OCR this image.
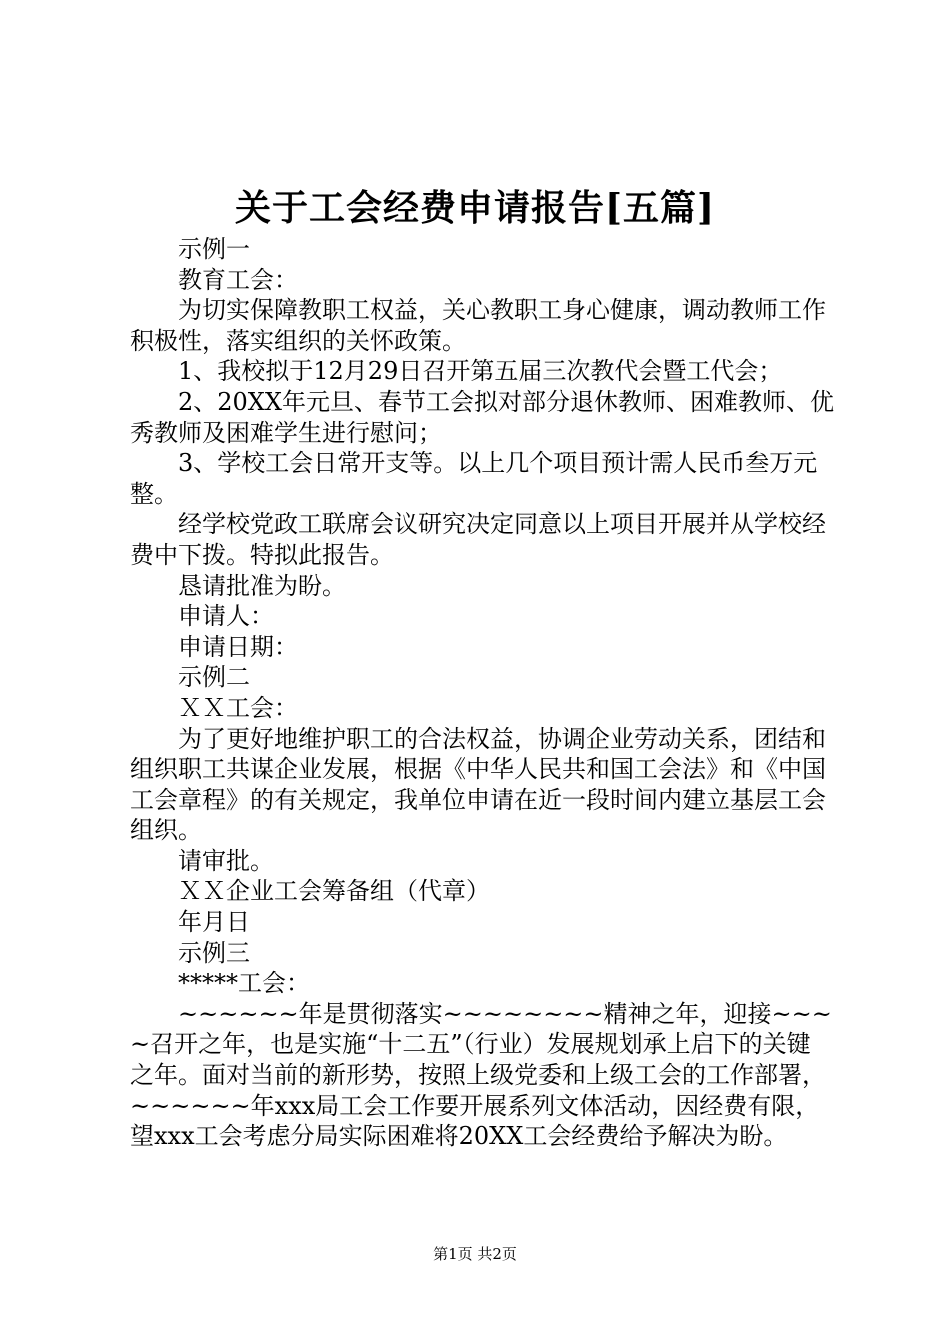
关于工会经费申请报告[五篇]

示例一

教育工会：

为切实保障教职工权益，关心教职工身心健康，调动教师工作积极性，落实组织的关怀政策。

1、我校拟于12月29日召开第五届三次教代会暨工代会；

2、20XX年元旦、春节工会拟对部分退休教师、困难教师、优秀教师及困难学生进行慰问；

3、学校工会日常开支等。以上几个项目预计需人民币叁万元整。

经学校党政工联席会议研究决定同意以上项目开展并从学校经费中下拨。特拟此报告。

恳请批准为盼。

申请人：

申请日期：

示例二

ＸＸ工会：

为了更好地维护职工的合法权益，协调企业劳动关系，团结和组织职工共谋企业发展，根据《中华人民共和国工会法》和《中国工会章程》的有关规定，我单位申请在近一段时间内建立基层工会组织。

请审批。

ＸＸ企业工会筹备组（代章）

年月日

示例三

*****工会：

~~~~~~年是贯彻落实~~~~~~~~精神之年，迎接~~~~召开之年，也是实施“十二五”（行业）发展规划承上启下的关键之年。面对当前的新形势，按照上级党委和上级工会的工作部署，~~~~~~年xxx局工会工作要开展系列文体活动，因经费有限，望xxx工会考虑分局实际困难将20XX工会经费给予解决为盼。

第1页 共2页
